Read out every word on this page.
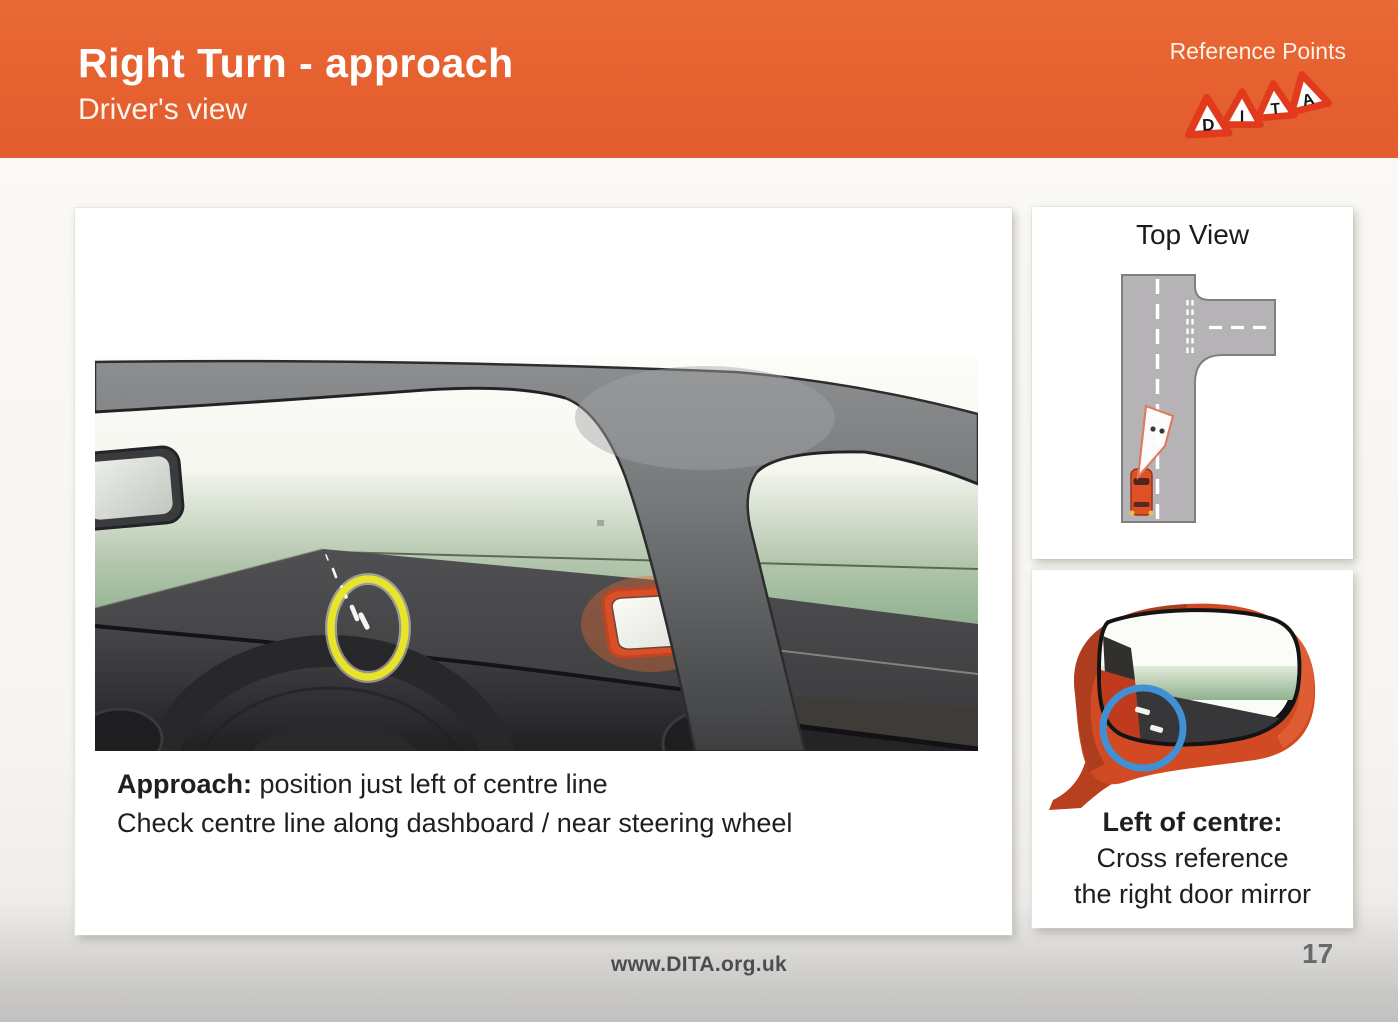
Right Turn - approach
Driver's view
Reference Points
D I T A
Approach: position just left of centre line
Check centre line along dashboard / near steering wheel
Top View
Left of centre:
Cross reference
the right door mirror
www.DITA.org.uk	17
